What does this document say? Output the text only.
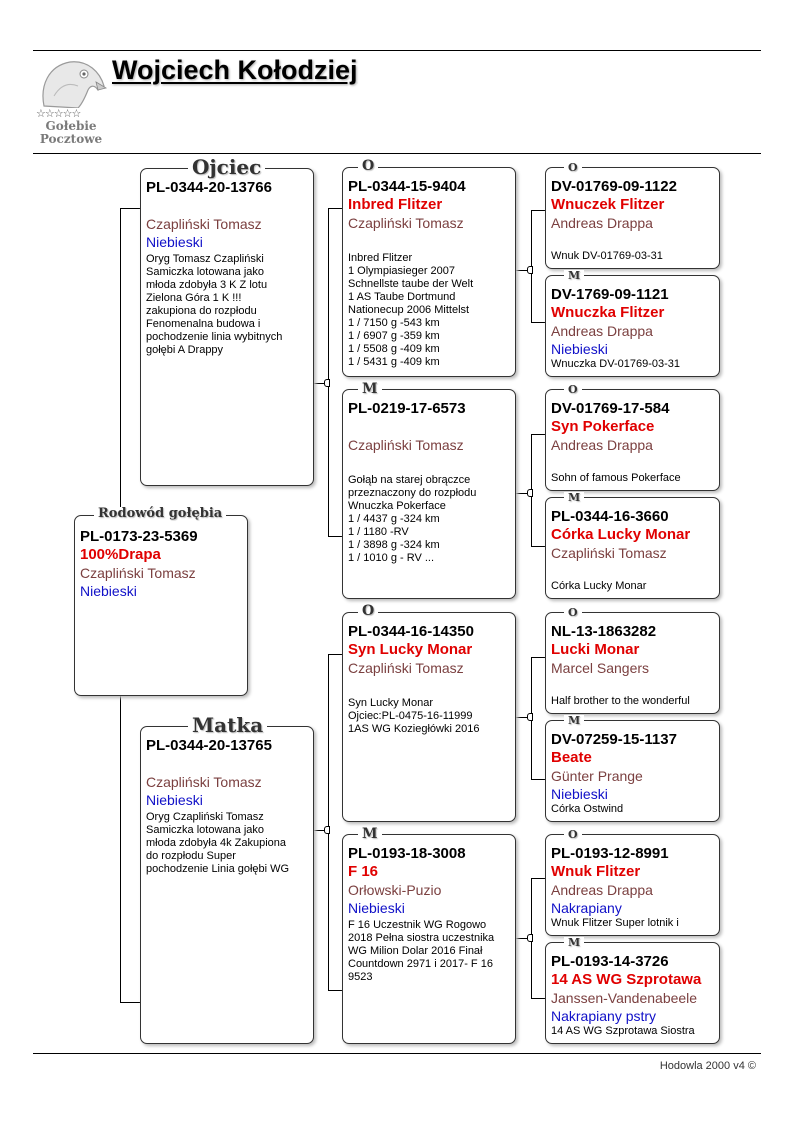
☆☆☆☆☆
Gołebie
Pocztowe
Wojciech Kołodziej
PL-0173-23-5369
100%Drapa
Czapliński Tomasz
Niebieski
Rodowód gołębia
PL-0344-20-13766
Czapliński Tomasz
Niebieski
Oryg Tomasz Czapliński
Samiczka lotowana jako
młoda zdobyła 3 K Z lotu
Zielona Góra 1 K !!!
zakupiona do rozpłodu
Fenomenalna budowa i
pochodzenie linia wybitnych
gołębi A Drappy
Ojciec
PL-0344-20-13765
Czapliński Tomasz
Niebieski
Oryg Czapliński Tomasz
Samiczka lotowana jako
młoda zdobyła 4k Zakupiona
do rozpłodu Super
pochodzenie Linia gołębi WG
Matka
PL-0344-15-9404
Inbred Flitzer
Czapliński Tomasz
Inbred Flitzer
1 Olympiasieger 2007
Schnellste taube der Welt
1 AS Taube Dortmund
Nationecup 2006 Mittelst
1 / 7150 g -543 km
1 / 6907 g -359 km
1 / 5508 g -409 km
1 / 5431 g -409 km
O
PL-0219-17-6573
Czapliński Tomasz
Gołąb na starej obrączce
przeznaczony do rozpłodu
Wnuczka Pokerface
1 / 4437 g -324 km
1 / 1180 -RV
1 / 3898 g -324 km
1 / 1010 g - RV ...
M
PL-0344-16-14350
Syn Lucky Monar
Czapliński Tomasz
Syn Lucky Monar
Ojciec:PL-0475-16-11999
1AS WG Koziegłówki 2016
O
PL-0193-18-3008
F 16
Orłowski-Puzio
Niebieski
F 16 Uczestnik WG Rogowo
2018 Pełna siostra uczestnika
WG Milion Dolar 2016 Finał
Countdown 2971 i 2017- F 16
9523
M
DV-01769-09-1122
Wnuczek Flitzer
Andreas Drappa
Wnuk DV-01769-03-31
O
DV-1769-09-1121
Wnuczka Flitzer
Andreas Drappa
Niebieski
Wnuczka DV-01769-03-31
M
DV-01769-17-584
Syn Pokerface
Andreas Drappa
Sohn of famous Pokerface
O
PL-0344-16-3660
Córka Lucky Monar
Czapliński Tomasz
Córka Lucky Monar
M
NL-13-1863282
Lucki Monar
Marcel Sangers
Half brother to the wonderful
O
DV-07259-15-1137
Beate
Günter Prange
Niebieski
Córka Ostwind
M
PL-0193-12-8991
Wnuk Flitzer
Andreas Drappa
Nakrapiany
Wnuk Flitzer Super lotnik i
O
PL-0193-14-3726
14 AS WG Szprotawa
Janssen-Vandenabeele
Nakrapiany pstry
14 AS WG Szprotawa Siostra
M
Hodowla 2000 v4 ©
